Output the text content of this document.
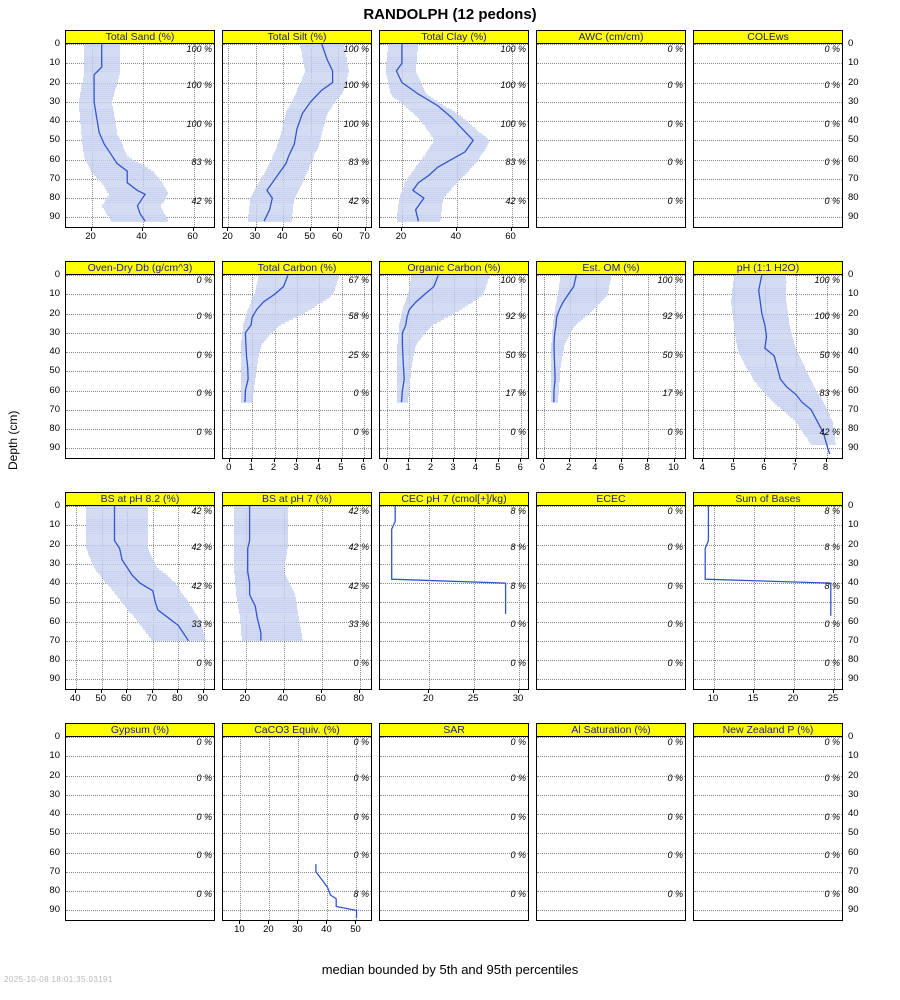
RANDOLPH (12 pedons)
Depth (cm)
median bounded by 5th and 95th percentiles
2025-10-08 18:01:35.03191
0
10
20
30
40
50
60
70
80
90
Total Sand (%)
100 %
100 %
100 %
83 %
42 %
20	40	60
Total Silt (%)
100 %
100 %
100 %
83 %
42 %
20	30	40	50	60	70
Total Clay (%)
100 %
100 %
100 %
83 %
42 %
20	40	60
AWC (cm/cm)
0 %
0 %
0 %
0 %
0 %
0
10
20
30
40
50
60
70
80
90
COLEws
0 %
0 %
0 %
0 %
0 %
0
10
20
30
40
50
60
70
80
90
Oven-Dry Db (g/cm^3)
0 %
0 %
0 %
0 %
0 %
Total Carbon (%)
67 %
58 %
25 %
0 %
0 %
0	1	2	3	4	5	6
Organic Carbon (%)
100 %
92 %
50 %
17 %
0 %
0	1	2	3	4	5	6
Est. OM (%)
100 %
92 %
50 %
17 %
0 %
0	2	4	6	8	10
0
10
20
30
40
50
60
70
80
90
pH (1:1 H2O)
100 %
100 %
50 %
83 %
42 %
4	5	6	7	8
0
10
20
30
40
50
60
70
80
90
BS at pH 8.2 (%)
42 %
42 %
42 %
33 %
0 %
40	50	60	70	80	90
BS at pH 7 (%)
42 %
42 %
42 %
33 %
0 %
20	40	60	80
CEC pH 7 (cmol[+]/kg)
8 %
8 %
8 %
0 %
0 %
20	25	30
ECEC
0 %
0 %
0 %
0 %
0 %
0
10
20
30
40
50
60
70
80
90
Sum of Bases
8 %
8 %
8 %
0 %
0 %
10	15	20	25
0
10
20
30
40
50
60
70
80
90
Gypsum (%)
0 %
0 %
0 %
0 %
0 %
CaCO3 Equiv. (%)
0 %
0 %
0 %
0 %
8 %
10	20	30	40	50
SAR
0 %
0 %
0 %
0 %
0 %
Al Saturation (%)
0 %
0 %
0 %
0 %
0 %
0
10
20
30
40
50
60
70
80
90
New Zealand P (%)
0 %
0 %
0 %
0 %
0 %
